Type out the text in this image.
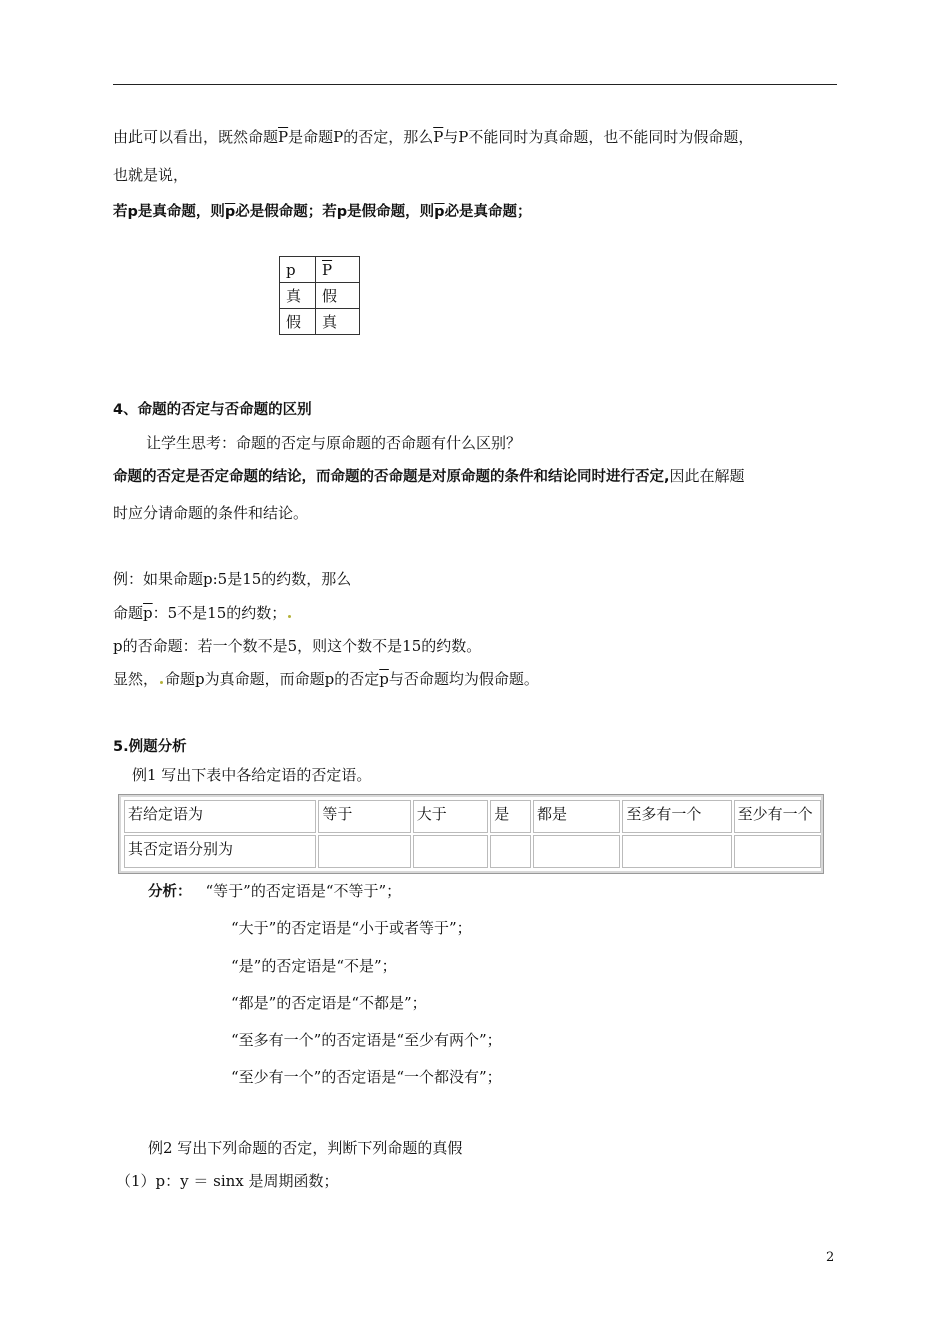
由此可以看出，既然命题$\overline{P}$是命题P的否定，那么$\overline{P}$与P不能同时为真命题，也不能同时为假命题，
也就是说，
若p是真命题，则$\overline{p}$必是假命题；若p是假命题，则$\overline{p}$必是真命题；
p	$\overline{P}$
真	假
假	真
4、命题的否定与否命题的区别
让学生思考：命题的否定与原命题的否命题有什么区别？
命题的否定是否定命题的结论，而命题的否命题是对原命题的条件和结论同时进行否定,因此在解题
时应分请命题的条件和结论。
例：如果命题p:5是15的约数，那么
命题$\overline{p}$：5不是15的约数；
p的否命题：若一个数不是5，则这个数不是15的约数。
显然， 命题p为真命题，而命题p的否定$\overline{p}$与否命题均为假命题。
5.例题分析
例1 写出下表中各给定语的否定语。
若给定语为	等于	大于	是	都是	至多有一个	至少有一个
其否定语分别为						
分析： “等于”的否定语是“不等于”；
“大于”的否定语是“小于或者等于”；
“是”的否定语是“不是”；
“都是”的否定语是“不都是”；
“至多有一个”的否定语是“至少有两个”；
“至少有一个”的否定语是“一个都没有”；
例2 写出下列命题的否定，判断下列命题的真假
（1）p：y ＝ sinx 是周期函数；
2
